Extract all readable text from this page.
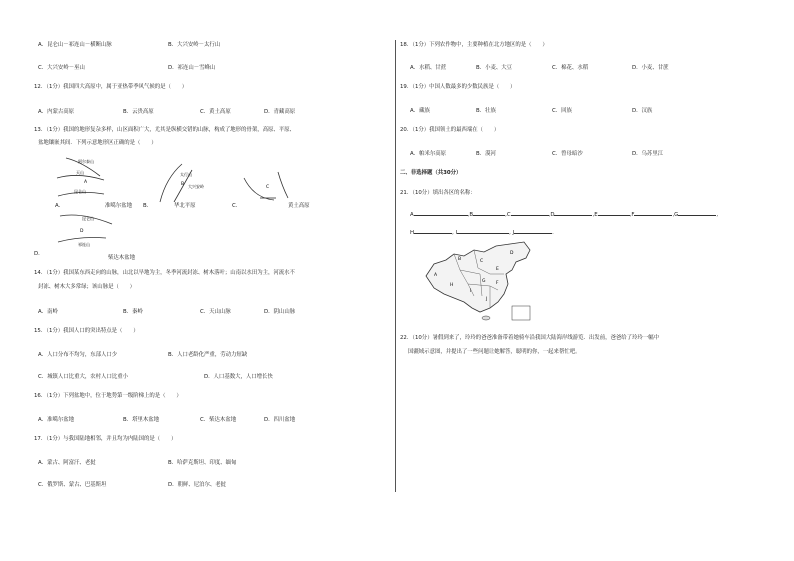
A．昆仑山－祁连山－横断山脉	B．大兴安岭－太行山
C．大兴安岭－巫山	D．祁连山－雪峰山
12．（1分）我国四大高原中，属于亚热带季风气候的是（　　）
A．内蒙古高原	B．云贵高原	C．黄土高原	D．青藏高原
13．（1分）我国的地形复杂多样，山区面积广大，尤其是纵横交错的山脉，构成了地形的骨架，高原、平原、
盆地镶嵌其间．下列示意地形区正确的是（　　）
阿尔泰山
天山
A
昆仑山
A．	准噶尔盆地
太行山
大兴安岭
B
B．	华北平原
C
C．	黄土高原
昆仑山
D
祁连山
D．
柴达木盆地
14．（1分）我国某东西走向的山脉，山北以旱地为主，冬季河流封冻、树木落叶；山南以水田为主，河流水不
封冻、树木大多常绿；该山脉是（　　）
A．南岭	B．秦岭	C．天山山脉	D．阴山山脉
15．（1分）我国人口的突出特点是（　　）
A．人口分布不均匀，东部人口少	B．人口老龄化严重，劳动力短缺
C．城镇人口比重大，农村人口比重小	D．人口基数大，人口增长快
16．（1分）下列盆地中，位于地势第一级阶梯上的是（　　）
A．准噶尔盆地	B．塔里木盆地	C．柴达木盆地	D．四川盆地
17．（1分）与我国陆地相邻，并且均为内陆国的是（　　）
A．蒙古、阿富汗、老挝	B．哈萨克斯坦、印度、缅甸
C．俄罗斯、蒙古、巴基斯坦	D．朝鲜、尼泊尔、老挝
18．（1分）下列农作物中，主要种植在北方地区的是（　　）
A．水稻、甘蔗	B．小麦、大豆	C．棉花、水稻	D．小麦、甘蔗
19．（1分）中国人数最多的少数民族是（　　）
A．藏族	B．壮族	C．回族	D．汉族
20．（1分）我国领土的最西端在（　　）
A．帕米尔高原	B．漠河	C．曾母暗沙	D．乌苏里江
二、非选择题（共30分）
21．（10分）填出各区的名称：
A	,B	,C	,D	,E	,F	,G	,
H	, I	, J	.
A
B	C
D
E
F
G
H
I
J
22．（10分）暑假到来了，玲玲的爸爸准备带着她骑车沿我国大陆海岸线游览．出发前，爸爸给了玲玲一幅中
国疆域示意图，并提出了一些问题让她解答，聪明的你，一起来帮忙吧。
